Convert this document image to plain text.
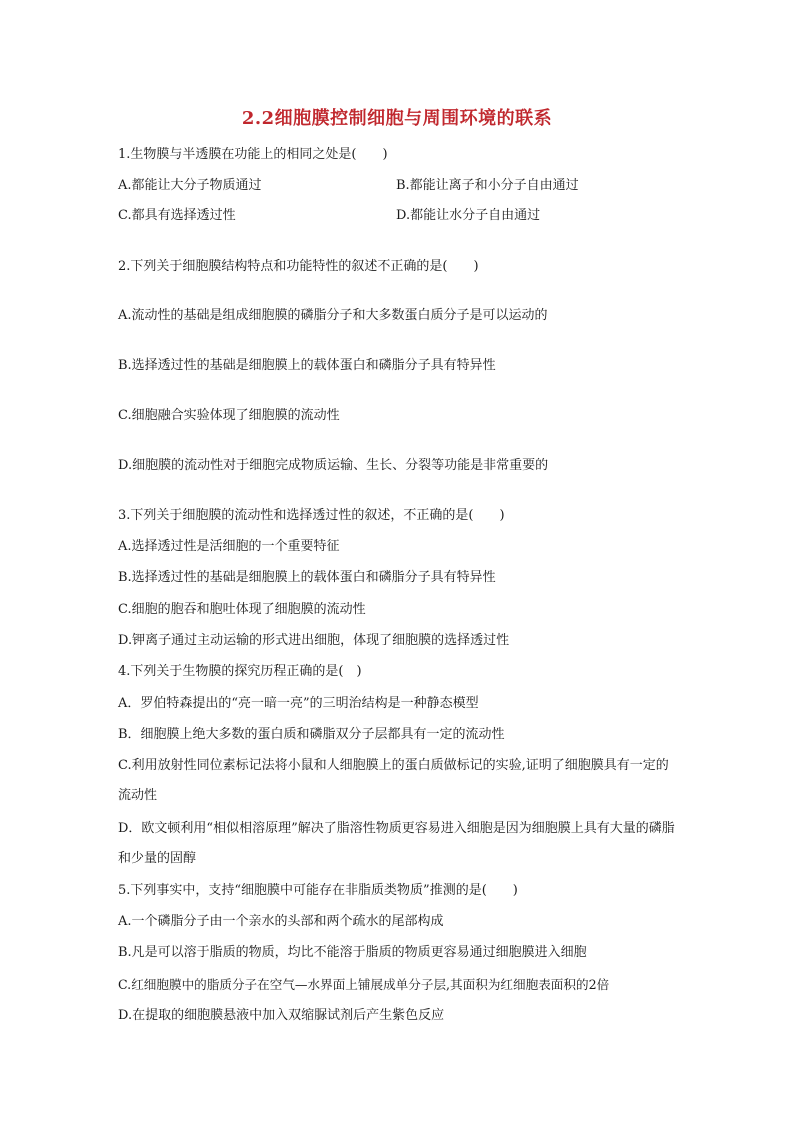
2.2细胞膜控制细胞与周围环境的联系
1.生物膜与半透膜在功能上的相同之处是(　　)
A.都能让大分子物质通过	B.都能让离子和小分子自由通过
C.都具有选择透过性	D.都能让水分子自由通过
2.下列关于细胞膜结构特点和功能特性的叙述不正确的是(　　)
A.流动性的基础是组成细胞膜的磷脂分子和大多数蛋白质分子是可以运动的
B.选择透过性的基础是细胞膜上的载体蛋白和磷脂分子具有特异性
C.细胞融合实验体现了细胞膜的流动性
D.细胞膜的流动性对于细胞完成物质运输、生长、分裂等功能是非常重要的
3.下列关于细胞膜的流动性和选择透过性的叙述，不正确的是(　　)
A.选择透过性是活细胞的一个重要特征
B.选择透过性的基础是细胞膜上的载体蛋白和磷脂分子具有特异性
C.细胞的胞吞和胞吐体现了细胞膜的流动性
D.钾离子通过主动运输的形式进出细胞，体现了细胞膜的选择透过性
4.下列关于生物膜的探究历程正确的是(　)
A．罗伯特森提出的“亮一暗一亮”的三明治结构是一种静态模型
B．细胞膜上绝大多数的蛋白质和磷脂双分子层都具有一定的流动性
C.利用放射性同位素标记法将小鼠和人细胞膜上的蛋白质做标记的实验,证明了细胞膜具有一定的流动性
D．欧文顿利用“相似相溶原理”解决了脂溶性物质更容易进入细胞是因为细胞膜上具有大量的磷脂和少量的固醇
5.下列事实中，支持“细胞膜中可能存在非脂质类物质”推测的是(　　)
A.一个磷脂分子由一个亲水的头部和两个疏水的尾部构成
B.凡是可以溶于脂质的物质，均比不能溶于脂质的物质更容易通过细胞膜进入细胞
C.红细胞膜中的脂质分子在空气—水界面上铺展成单分子层,其面积为红细胞表面积的2倍
D.在提取的细胞膜悬液中加入双缩脲试剂后产生紫色反应
